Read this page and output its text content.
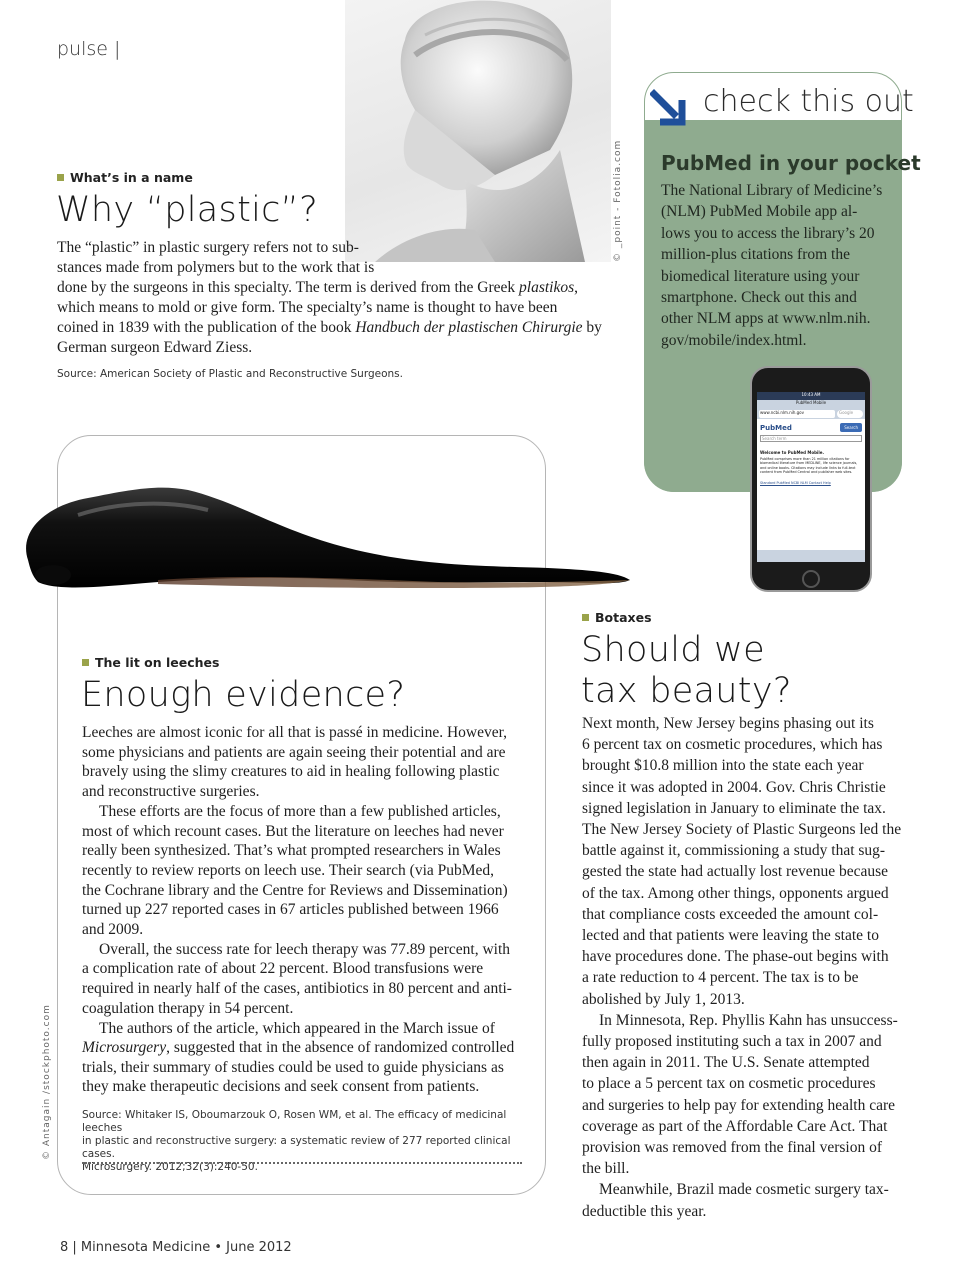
pulse |
© _point - Fotolia.com
What’s in a name
Why “plastic”?
The “plastic” in plastic surgery refers not to sub-
stances made from polymers but to the work that is
done by the surgeons in this specialty. The term is derived from the Greek plastikos,
which means to mold or give form. The specialty’s name is thought to have been
coined in 1839 with the publication of the book Handbuch der plastischen Chirurgie by
German surgeon Edward Ziess.
Source: American Society of Plastic and Reconstructive Surgeons.
check this out
PubMed in your pocket
The National Library of Medicine’s
(NLM) PubMed Mobile app al-
lows you to access the library’s 20
million-plus citations from the
biomedical literature using your
smartphone. Check out this and
other NLM apps at www.nlm.nih.
gov/mobile/index.html.
10:43 AM
PubMed Mobile
www.ncbi.nlm.nih.gov	Google
PubMed	Search
Search term
Welcome to PubMed Mobile.
PubMed comprises more than 21 million citations for biomedical literature from MEDLINE, life science journals, and online books. Citations may include links to full-text content from PubMed Central and publisher web sites.
Standard PubMed NCBI NLM Contact Help
© Antagain /stockphoto.com
The lit on leeches
Enough evidence?
Leeches are almost iconic for all that is passé in medicine. However,
some physicians and patients are again seeing their potential and are
bravely using the slimy creatures to aid in healing following plastic
and reconstructive surgeries.
These efforts are the focus of more than a few published articles,
most of which recount cases. But the literature on leeches had never
really been synthesized. That’s what prompted researchers in Wales
recently to review reports on leech use. Their search (via PubMed,
the Cochrane library and the Centre for Reviews and Dissemination)
turned up 227 reported cases in 67 articles published between 1966
and 2009.
Overall, the success rate for leech therapy was 77.89 percent, with
a complication rate of about 22 percent. Blood transfusions were
required in nearly half of the cases, antibiotics in 80 percent and anti-
coagulation therapy in 54 percent.
The authors of the article, which appeared in the March issue of
Microsurgery, suggested that in the absence of randomized controlled
trials, their summary of studies could be used to guide physicians as
they make therapeutic decisions and seek consent from patients.
Source: Whitaker IS, Oboumarzouk O, Rosen WM, et al. The efficacy of medicinal leeches
in plastic and reconstructive surgery: a systematic review of 277 reported clinical cases.
Microsurgery. 2012;32(3):240-50.
Botaxes
Should we
tax beauty?
Next month, New Jersey begins phasing out its
6 percent tax on cosmetic procedures, which has
brought $10.8 million into the state each year
since it was adopted in 2004. Gov. Chris Christie
signed legislation in January to eliminate the tax.
The New Jersey Society of Plastic Surgeons led the
battle against it, commissioning a study that sug-
gested the state had actually lost revenue because
of the tax. Among other things, opponents argued
that compliance costs exceeded the amount col-
lected and that patients were leaving the state to
have procedures done. The phase-out begins with
a rate reduction to 4 percent. The tax is to be
abolished by July 1, 2013.
In Minnesota, Rep. Phyllis Kahn has unsuccess-
fully proposed instituting such a tax in 2007 and
then again in 2011. The U.S. Senate attempted
to place a 5 percent tax on cosmetic procedures
and surgeries to help pay for extending health care
coverage as part of the Affordable Care Act. That
provision was removed from the final version of
the bill.
Meanwhile, Brazil made cosmetic surgery tax-
deductible this year.
8 | Minnesota Medicine • June 2012
